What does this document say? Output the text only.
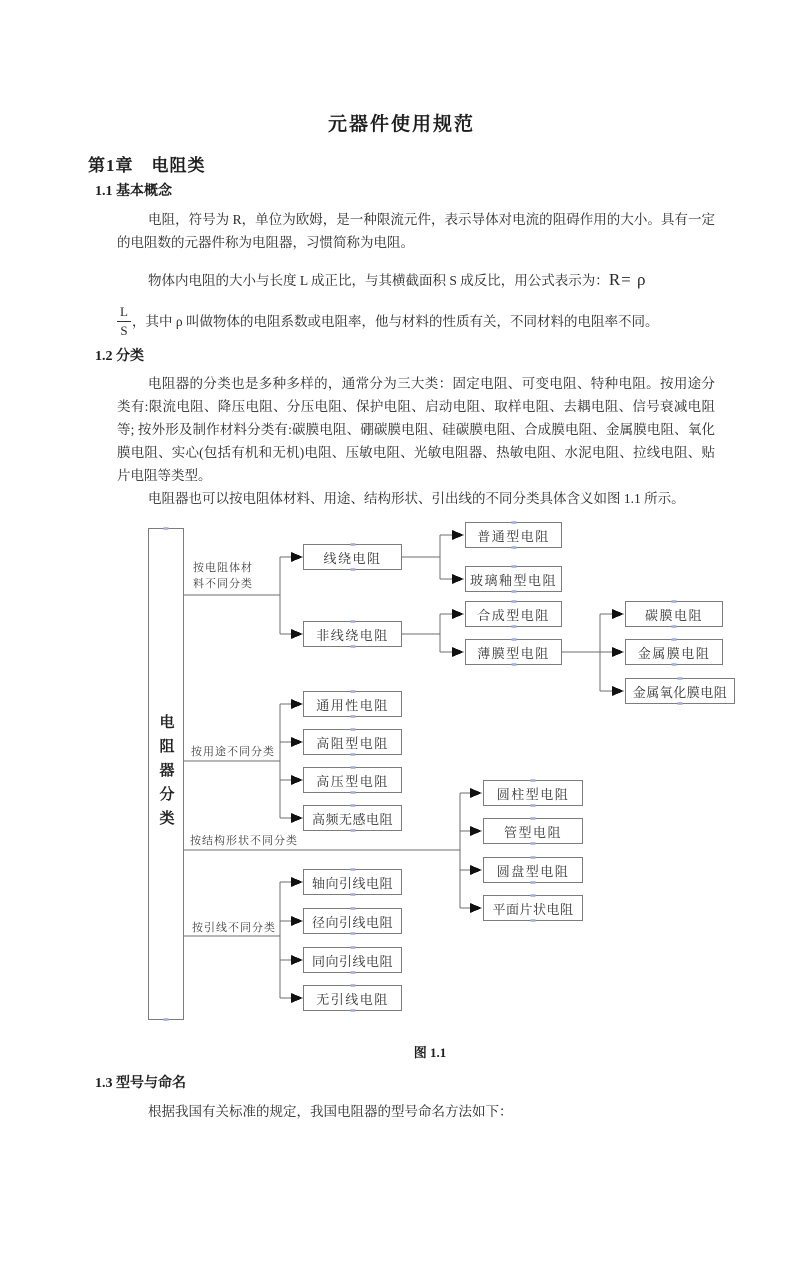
元器件使用规范
第1章　电阻类
1.1 基本概念

电阻，符号为 R，单位为欧姆，是一种限流元件，表示导体对电流的阻碍作用的大小。具有一定的电阻数的元器件称为电阻器，习惯简称为电阻。

物体内电阻的大小与长度 L 成正比，与其横截面积 S 成反比，用公式表示为：R= ρ

$\frac{L}{S}$ ，其中 ρ 叫做物体的电阻系数或电阻率，他与材料的性质有关，不同材料的电阻率不同。

1.2 分类

电阻器的分类也是多种多样的，通常分为三大类：固定电阻、可变电阻、特种电阻。按用途分类有:限流电阻、降压电阻、分压电阻、保护电阻、启动电阻、取样电阻、去耦电阻、信号衰减电阻等; 按外形及制作材料分类有:碳膜电阻、硼碳膜电阻、硅碳膜电阻、合成膜电阻、金属膜电阻、氧化膜电阻、实心(包括有机和无机)电阻、压敏电阻、光敏电阻器、热敏电阻、水泥电阻、拉线电阻、贴片电阻等类型。

电阻器也可以按电阻体材料、用途、结构形状、引出线的不同分类具体含义如图 1.1 所示。

电阻器分类
按电阻体材
料不同分类
按用途不同分类
按结构形状不同分类
按引线不同分类
线绕电阻
非线绕电阻
普通型电阻
玻璃釉型电阻
合成型电阻
薄膜型电阻
碳膜电阻
金属膜电阻
金属氧化膜电阻
通用性电阻
高阻型电阻
高压型电阻
高频无感电阻
圆柱型电阻
管型电阻
圆盘型电阻
平面片状电阻
轴向引线电阻
径向引线电阻
同向引线电阻
无引线电阻
图 1.1
1.3 型号与命名

根据我国有关标准的规定，我国电阻器的型号命名方法如下：
